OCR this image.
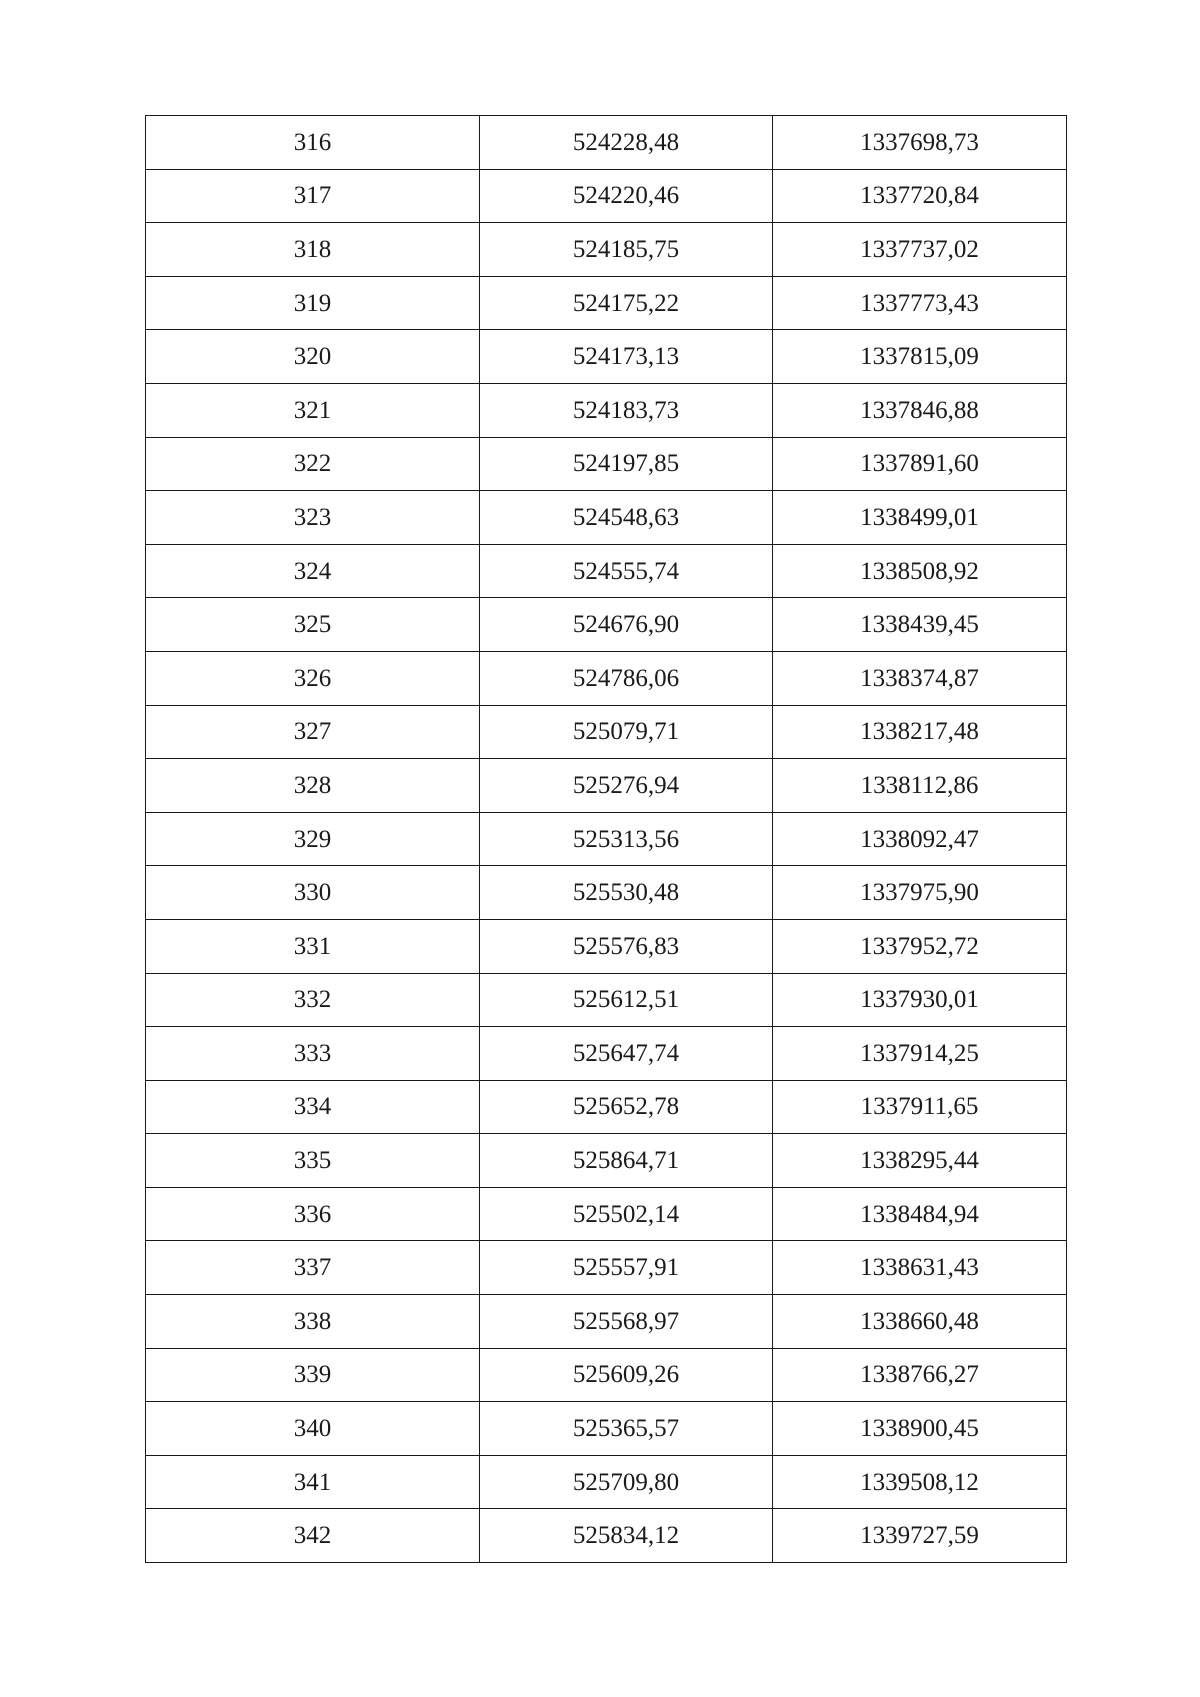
316	524228,48	1337698,73
317	524220,46	1337720,84
318	524185,75	1337737,02
319	524175,22	1337773,43
320	524173,13	1337815,09
321	524183,73	1337846,88
322	524197,85	1337891,60
323	524548,63	1338499,01
324	524555,74	1338508,92
325	524676,90	1338439,45
326	524786,06	1338374,87
327	525079,71	1338217,48
328	525276,94	1338112,86
329	525313,56	1338092,47
330	525530,48	1337975,90
331	525576,83	1337952,72
332	525612,51	1337930,01
333	525647,74	1337914,25
334	525652,78	1337911,65
335	525864,71	1338295,44
336	525502,14	1338484,94
337	525557,91	1338631,43
338	525568,97	1338660,48
339	525609,26	1338766,27
340	525365,57	1338900,45
341	525709,80	1339508,12
342	525834,12	1339727,59
